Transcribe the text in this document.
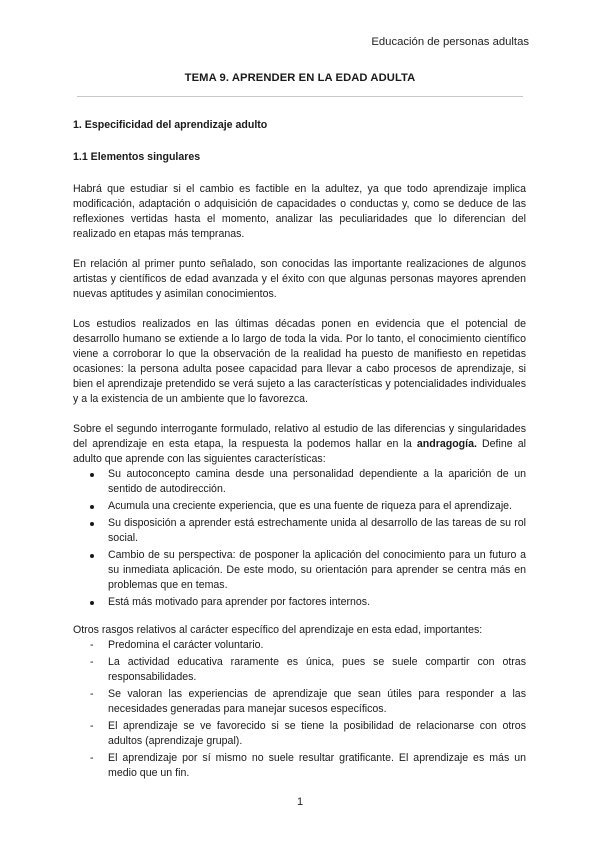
Educación de personas adultas
TEMA 9. APRENDER EN LA EDAD ADULTA
1. Especificidad del aprendizaje adulto
1.1 Elementos singulares

Habrá que estudiar si el cambio es factible en la adultez, ya que todo aprendizaje implica modificación, adaptación o adquisición de capacidades o conductas y, como se deduce de las reflexiones vertidas hasta el momento, analizar las peculiaridades que lo diferencian del realizado en etapas más tempranas.

En relación al primer punto señalado, son conocidas las importante realizaciones de algunos artistas y científicos de edad avanzada y el éxito con que algunas personas mayores aprenden nuevas aptitudes y asimilan conocimientos.

Los estudios realizados en las últimas décadas ponen en evidencia que el potencial de desarrollo humano se extiende a lo largo de toda la vida. Por lo tanto, el conocimiento científico viene a corroborar lo que la observación de la realidad ha puesto de manifiesto en repetidas ocasiones: la persona adulta posee capacidad para llevar a cabo procesos de aprendizaje, si bien el aprendizaje pretendido se verá sujeto a las características y potencialidades individuales y a la existencia de un ambiente que lo favorezca.

Sobre el segundo interrogante formulado, relativo al estudio de las diferencias y singularidades del aprendizaje en esta etapa, la respuesta la podemos hallar en la andragogía. Define al adulto que aprende con las siguientes características:

Su autoconcepto camina desde una personalidad dependiente a la aparición de un sentido de autodirección.
Acumula una creciente experiencia, que es una fuente de riqueza para el aprendizaje.
Su disposición a aprender está estrechamente unida al desarrollo de las tareas de su rol social.
Cambio de su perspectiva: de posponer la aplicación del conocimiento para un futuro a su inmediata aplicación. De este modo, su orientación para aprender se centra más en problemas que en temas.
Está más motivado para aprender por factores internos.

Otros rasgos relativos al carácter específico del aprendizaje en esta edad, importantes:

- Predomina el carácter voluntario.
- La actividad educativa raramente es única, pues se suele compartir con otras responsabilidades.
- Se valoran las experiencias de aprendizaje que sean útiles para responder a las necesidades generadas para manejar sucesos específicos.
- El aprendizaje se ve favorecido si se tiene la posibilidad de relacionarse con otros adultos (aprendizaje grupal).
- El aprendizaje por sí mismo no suele resultar gratificante. El aprendizaje es más un medio que un fin.
1
